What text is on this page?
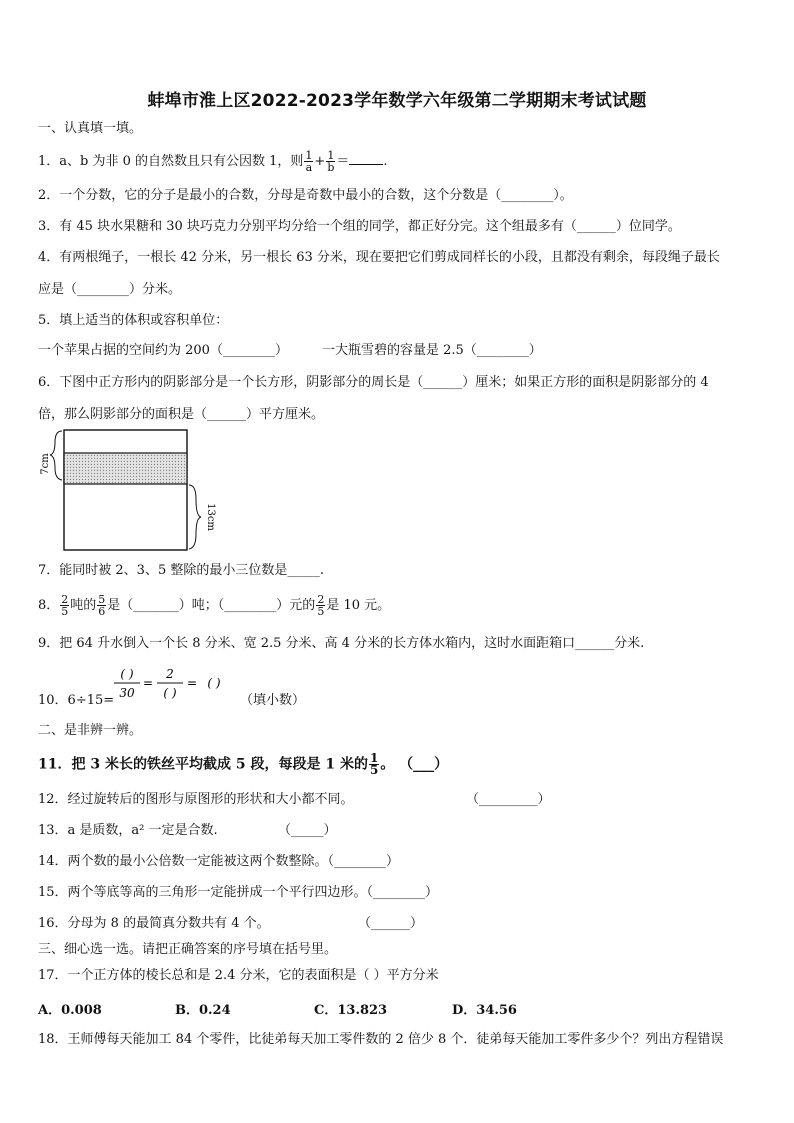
蚌埠市淮上区2022-2023学年数学六年级第二学期期末考试试题
一、认真填一填。
1．a、b 为非 0 的自然数且只有公因数 1，则 $\frac{1}{a} + \frac{1}{b}$ ＝	.
2．一个分数，它的分子是最小的合数，分母是奇数中最小的合数，这个分数是（________）。
3．有 45 块水果糖和 30 块巧克力分别平均分给一个组的同学，都正好分完。这个组最多有（______）位同学。
4．有两根绳子，一根长 42 分米，另一根长 63 分米，现在要把它们剪成同样长的小段，且都没有剩余，每段绳子最长
应是（________）分米。
5．填上适当的体积或容积单位：
一个苹果占据的空间约为 200（________）	一大瓶雪碧的容量是 2.5（________）
6．下图中正方形内的阴影部分是一个长方形，阴影部分的周长是（______）厘米；如果正方形的面积是阴影部分的 4
倍，那么阴影部分的面积是（______）平方厘米。
7cm
13cm
7．能同时被 2、3、5 整除的最小三位数是_____.
8． $\frac{2}{5}$ 吨的 $\frac{5}{6}$ 是（_______）吨；（________）元的 $\frac{2}{5}$ 是 10 元。
9．把 64 升水倒入一个长 8 分米、宽 2.5 分米、高 4 分米的长方体水箱内，这时水面距箱口______分米.
10．6÷15=
( )
30
=
2
( )
= ( )
（填小数）
二、是非辨一辨。
11．把 3 米长的铁丝平均截成 5 段，每段是 1 米的 $\frac{1}{5}$ 。 （___）
12．经过旋转后的图形与原图形的形状和大小都不同。	（_________）
13．a 是质数，a² 一定是合数.	（_____）
14．两个数的最小公倍数一定能被这两个数整除。（________）
15．两个等底等高的三角形一定能拼成一个平行四边形。（________）
16．分母为 8 的最简真分数共有 4 个。	（______）
三、细心选一选。请把正确答案的序号填在括号里。
17．一个正方体的棱长总和是 2.4 分米，它的表面积是（ ）平方分米
A．0.008	B．0.24	C．13.823	D．34.56
18．王师傅每天能加工 84 个零件，比徒弟每天加工零件数的 2 倍少 8 个．徒弟每天能加工零件多少个？列出方程错误
